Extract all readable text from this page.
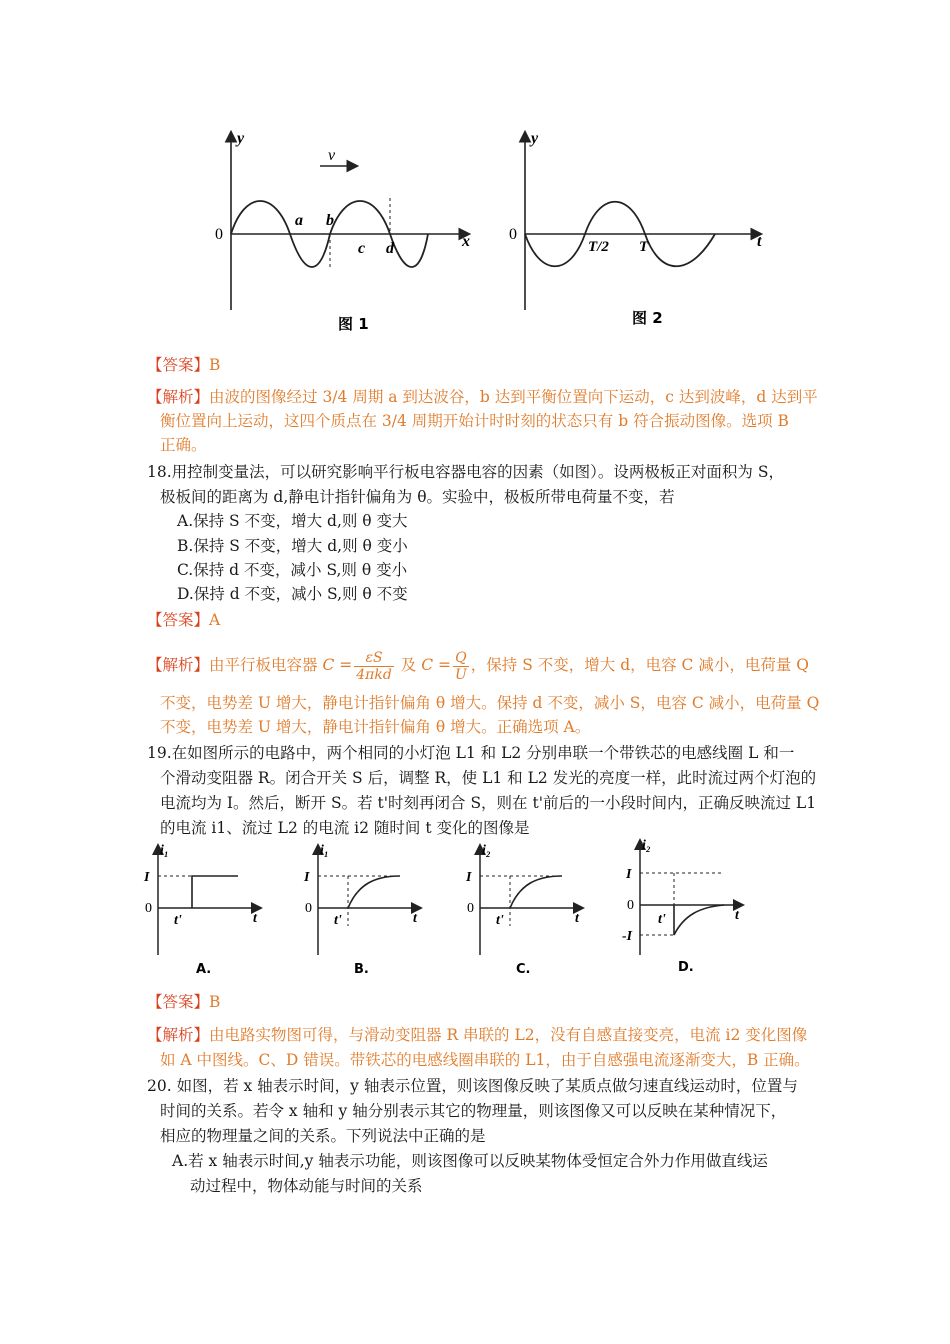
v
y
x
0
a b
c d
图 1
y
t
0
T/2 T
图 2
【答案】B
【解析】由波的图像经过 3/4 周期 a 到达波谷，b 达到平衡位置向下运动，c 达到波峰，d 达到平
衡位置向上运动，这四个质点在 3/4 周期开始计时时刻的状态只有 b 符合振动图像。选项 B
正确。
18.用控制变量法，可以研究影响平行板电容器电容的因素（如图）。设两极板正对面积为 S，
极板间的距离为 d,静电计指针偏角为 θ。实验中，极板所带电荷量不变，若
A.保持 S 不变，增大 d,则 θ 变大
B.保持 S 不变，增大 d,则 θ 变小
C.保持 d 不变，减小 S,则 θ 变小
D.保持 d 不变，减小 S,则 θ 不变
【答案】A
【解析】由平行板电容器 $C = \frac{\varepsilon S}{\text{4πkd}}$ 及 $C = \frac{Q}{U}$ ，保持 S 不变，增大 d，电容 C 减小，电荷量 Q
不变，电势差 U 增大，静电计指针偏角 θ 增大。保持 d 不变，减小 S，电容 C 减小，电荷量 Q
不变，电势差 U 增大，静电计指针偏角 θ 增大。正确选项 A。
19.在如图所示的电路中，两个相同的小灯泡 L1 和 L2 分别串联一个带铁芯的电感线圈 L 和一
个滑动变阻器 R。闭合开关 S 后，调整 R，使 L1 和 L2 发光的亮度一样，此时流过两个灯泡的
电流均为 I。然后，断开 S。若 t'时刻再闭合 S，则在 t'前后的一小段时间内，正确反映流过 L1
的电流 i1、流过 L2 的电流 i2 随时间 t 变化的图像是
i₁
I
0
t'	t
A.
i₁
I
0
t'	t
B.
i₂
I
0
t'	t
C.
i₂
I
0
-I
t'	t
D.
【答案】B
【解析】由电路实物图可得，与滑动变阻器 R 串联的 L2，没有自感直接变亮，电流 i2 变化图像
如 A 中图线。C、D 错误。带铁芯的电感线圈串联的 L1，由于自感强电流逐渐变大，B 正确。
20. 如图，若 x 轴表示时间，y 轴表示位置，则该图像反映了某质点做匀速直线运动时，位置与
时间的关系。若令 x 轴和 y 轴分别表示其它的物理量，则该图像又可以反映在某种情况下，
相应的物理量之间的关系。下列说法中正确的是
A.若 x 轴表示时间,y 轴表示功能，则该图像可以反映某物体受恒定合外力作用做直线运
动过程中，物体动能与时间的关系
